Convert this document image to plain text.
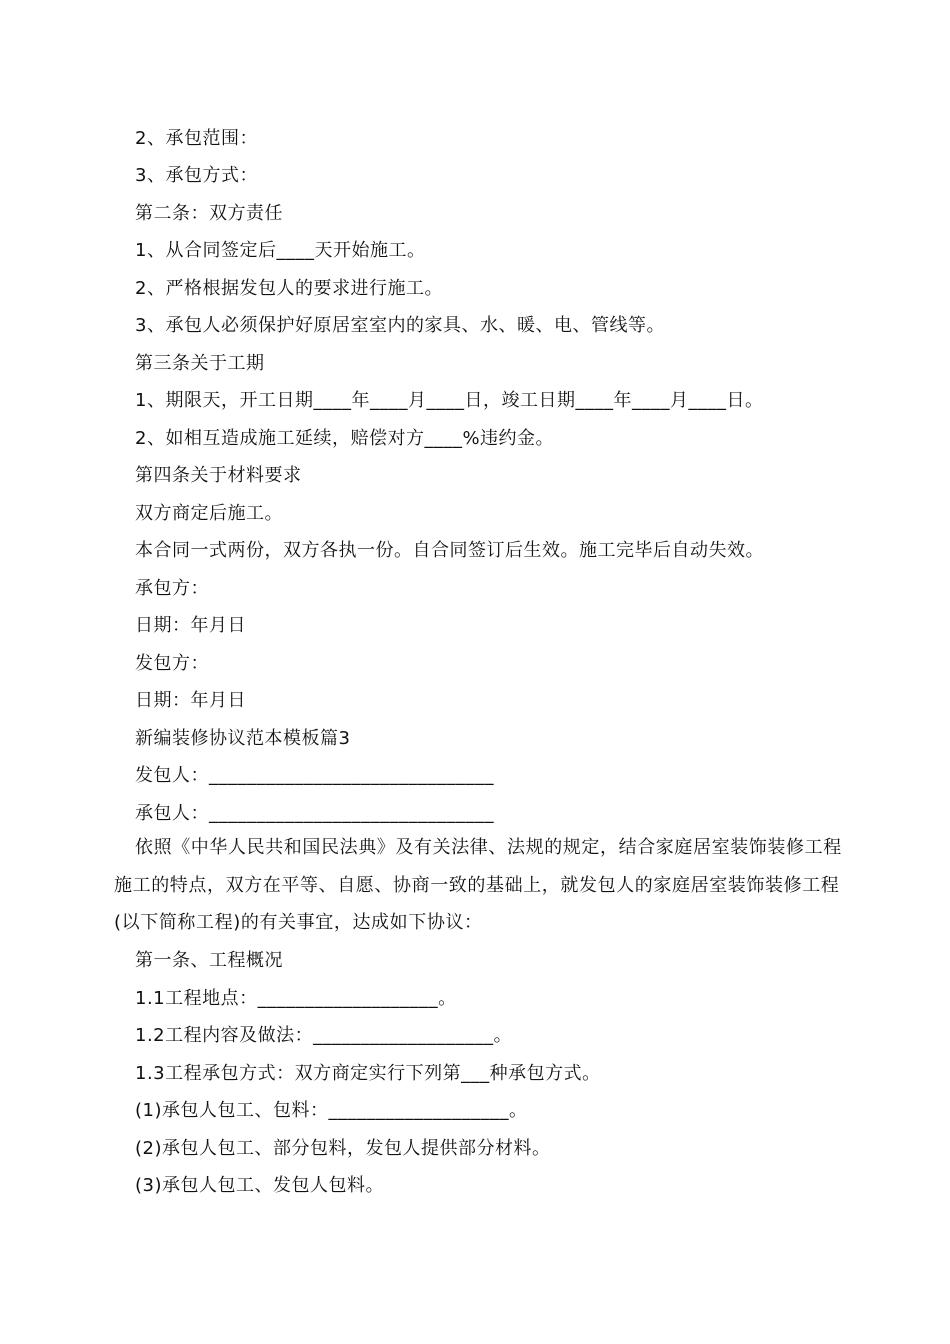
2、承包范围：
3、承包方式：
第二条：双方责任
1、从合同签定后____天开始施工。
2、严格根据发包人的要求进行施工。
3、承包人必须保护好原居室室内的家具、水、暖、电、管线等。
第三条关于工期
1、期限天，开工日期____年____月____日，竣工日期____年____月____日。
2、如相互造成施工延续，赔偿对方____%违约金。
第四条关于材料要求
双方商定后施工。
本合同一式两份，双方各执一份。自合同签订后生效。施工完毕后自动失效。
承包方：
日期：年月日
发包方：
日期：年月日
新编装修协议范本模板篇3
发包人：______________________________
承包人：______________________________
依照《中华人民共和国民法典》及有关法律、法规的规定，结合家庭居室装饰装修工程施工的特点，双方在平等、自愿、协商一致的基础上，就发包人的家庭居室装饰装修工程(以下简称工程)的有关事宜，达成如下协议：
第一条、工程概况
1.1工程地点：___________________。
1.2工程内容及做法：___________________。
1.3工程承包方式：双方商定实行下列第___种承包方式。
(1)承包人包工、包料：___________________。
(2)承包人包工、部分包料，发包人提供部分材料。
(3)承包人包工、发包人包料。
